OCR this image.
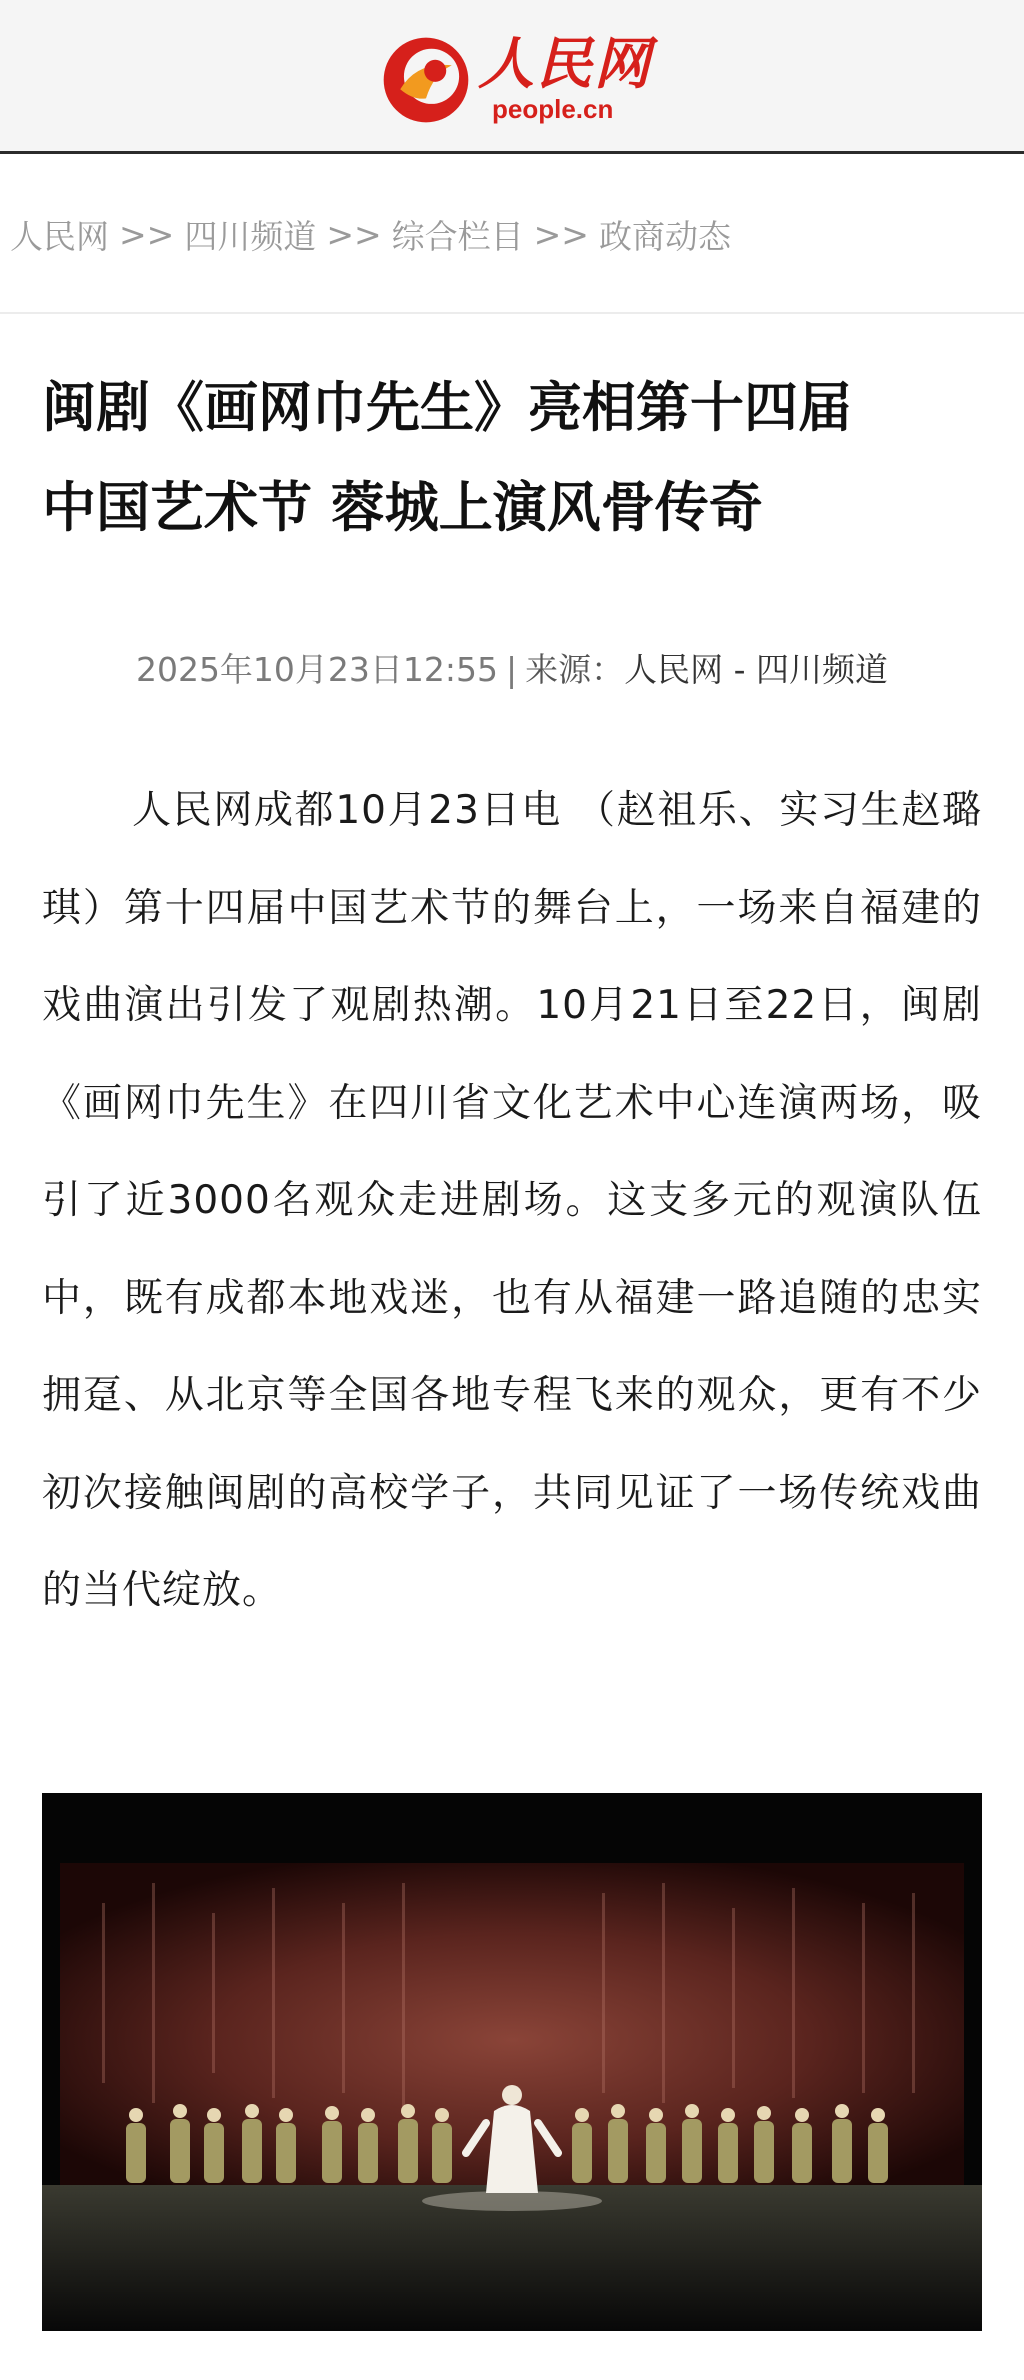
人民网
people.cn
人民网 >> 四川频道 >> 综合栏目 >> 政商动态
闽剧《画网巾先生》亮相第十四届
中国艺术节 蓉城上演风骨传奇
2025年10月23日12:55 | 来源：人民网 - 四川频道

人民网成都10月23日电 （赵祖乐、实习生赵璐琪）第十四届中国艺术节的舞台上，一场来自福建的戏曲演出引发了观剧热潮。10月21日至22日，闽剧《画网巾先生》在四川省文化艺术中心连演两场，吸引了近3000名观众走进剧场。这支多元的观演队伍中，既有成都本地戏迷，也有从福建一路追随的忠实拥趸、从北京等全国各地专程飞来的观众，更有不少初次接触闽剧的高校学子，共同见证了一场传统戏曲的当代绽放。
